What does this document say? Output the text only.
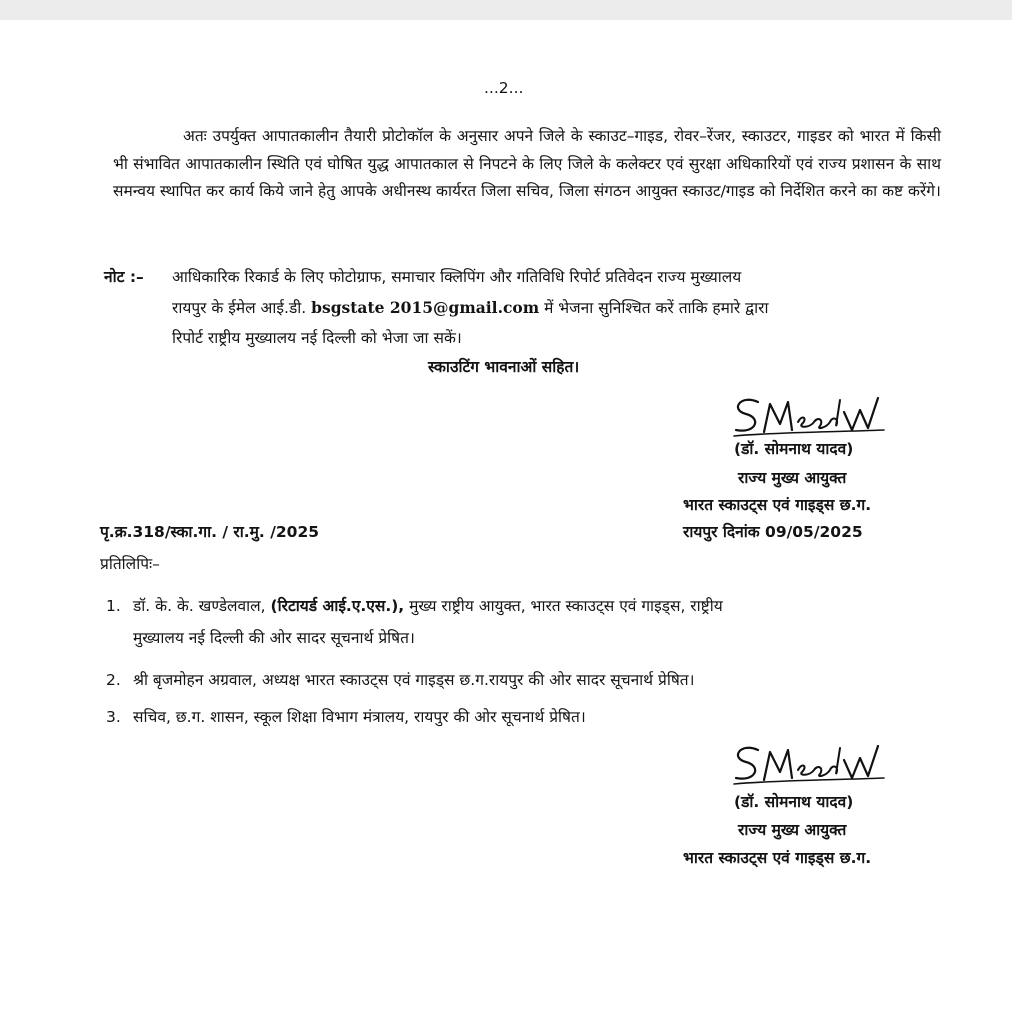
...2...
अतः उपर्युक्त आपातकालीन तैयारी प्रोटोकॉल के अनुसार अपने जिले के स्काउट–गाइड, रोवर–रेंजर, स्काउटर, गाइडर को भारत में किसी भी संभावित आपातकालीन स्थिति एवं घोषित युद्ध आपातकाल से निपटने के लिए जिले के कलेक्टर एवं सुरक्षा अधिकारियों एवं राज्य प्रशासन के साथ समन्वय स्थापित कर कार्य किये जाने हेतु आपके अधीनस्थ कार्यरत जिला सचिव, जिला संगठन आयुक्त स्काउट/गाइड को निर्देशित करने का कष्ट करेंगे।
नोट :– आधिकारिक रिकार्ड के लिए फोटोग्राफ, समाचार क्लिपिंग और गतिविधि रिपोर्ट प्रतिवेदन राज्य मुख्यालय
रायपुर के ईमेल आई.डी. bsgstate 2015@gmail.com में भेजना सुनिश्चित करें ताकि हमारे द्वारा
रिपोर्ट राष्ट्रीय मुख्यालय नई दिल्ली को भेजा जा सकें।
स्काउटिंग भावनाओं सहित।
(डॉ. सोमनाथ यादव)
राज्य मुख्य आयुक्त
भारत स्काउट्स एवं गाइड्स छ.ग.
पृ.क्र.318/स्का.गा. / रा.मु. /2025	रायपुर दिनांक 09/05/2025
प्रतिलिपिः–
1. डॉ. के. के. खण्डेलवाल, (रिटायर्ड आई.ए.एस.), मुख्य राष्ट्रीय आयुक्त, भारत स्काउट्स एवं गाइड्स, राष्ट्रीय
मुख्यालय नई दिल्ली की ओर सादर सूचनार्थ प्रेषित।
2. श्री बृजमोहन अग्रवाल, अध्यक्ष भारत स्काउट्स एवं गाइड्स छ.ग.रायपुर की ओर सादर सूचनार्थ प्रेषित।
3. सचिव, छ.ग. शासन, स्कूल शिक्षा विभाग मंत्रालय, रायपुर की ओर सूचनार्थ प्रेषित।
(डॉ. सोमनाथ यादव)
राज्य मुख्य आयुक्त
भारत स्काउट्स एवं गाइड्स छ.ग.
